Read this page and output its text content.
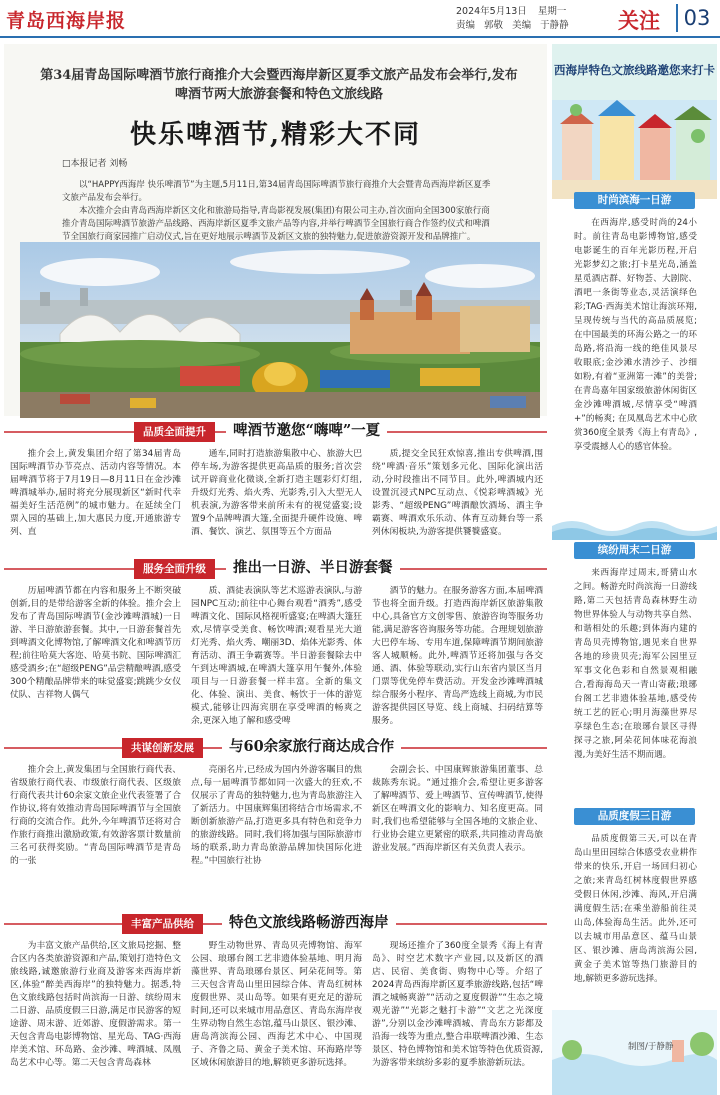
青岛西海岸报	2024年5月13日 星期一
责编 郭敬 美编 于静静 关注	03
第34届青岛国际啤酒节旅行商推介大会暨西海岸新区夏季文旅产品发布会举行,发布啤酒节两大旅游套餐和特色文旅线路
快乐啤酒节,精彩大不同
□本报记者 刘畅

以“HAPPY西海岸 快乐啤酒节”为主题,5月11日,第34届青岛国际啤酒节旅行商推介大会暨青岛西海岸新区夏季文旅产品发布会举行。

本次推介会由青岛西海岸新区文化和旅游局指导,青岛影视发展(集团)有限公司主办,首次面向全国300家旅行商推介青岛国际啤酒节旅游产品线路、西海岸新区夏季文旅产品等内容,并举行啤酒节全国旅行商合作签约仪式和啤酒节全国旅行商家园推广启动仪式,旨在更好地展示啤酒节及新区文旅的独特魅力,促进旅游资源开发和品牌推广。

品质全面提升	啤酒节邀您“嗨啤”一夏

推介会上,黄发集团介绍了第34届青岛国际啤酒节办节亮点、活动内容等情况。本届啤酒节将于7月19日—8月11日在金沙滩啤酒城举办,届时将充分展现新区“新时代幸福美好生活范例”的城市魅力。在延续全门票入园的基础上,加大惠民力度,开通旅游专列、直

通车,同时打造旅游集散中心、旅游大巴停车场,为游客提供更高品质的服务;首次尝试开辟商业化微谈,全新打造主题彩灯灯组,升级灯光秀、焰火秀、光影秀,引入大型无人机表演,为游客带来前所未有的视觉盛宴;设置9个品牌啤酒大篷,全面提升硬件设施、啤酒、餐饮、演艺、氛围等五个方面品

质,提交全民狂欢惊喜,推出专供啤酒,围绕“啤酒·音乐”策划多元化、国际化演出活动,分时段推出不同节目。此外,啤酒城内还设置沉浸式NPC互动点、《悦彩啤酒城》光影秀、“超级PENG”啤酒酿饮酒场、酒主争霸赛、啤酒欢乐乐动、体育互动舞台等一系列休闲板块,为游客提供饕餮盛宴。

服务全面升级	推出一日游、半日游套餐

历届啤酒节都在内容和服务上不断突破创新,目的是带给游客全新的体验。推介会上发布了青岛国际啤酒节(金沙滩啤酒城)一日游、半日游旅游套餐。其中,一日游套餐首先到啤酒文化博物馆,了解啤酒文化和啤酒节历程;前往哈莫大客迩、哈莫书院、国际啤酒汇感受酒乡;在“超级PENG”品尝精酿啤酒,感受300个精酿品牌带来的味觉盛宴;跳跳少女仪仗队、吉祥物人偶气

质、酒徒表演队等艺术巡游表演队,与游园NPC互动;前往中心舞台观看“酒秀”,感受啤酒文化、国际风格视听盛宴;在啤酒大篷狂欢,尽情享受美食、畅饮啤酒;观看星光大道灯光秀、焰火秀、嘲丽3D、焰体光影秀、体育活动、酒王争霸赛等。半日游套餐除去中午到达啤酒城,在啤酒大篷享用午餐外,体验项目与一日游套餐一样丰富。全新的集文化、体验、演出、美食、畅饮于一体的游览模式,能够让四海宾朋在享受啤酒的畅爽之余,更深入地了解和感受啤

酒节的魅力。在服务游客方面,本届啤酒节也将全面升级。打造西海岸新区旅游集散中心,具备官方文创零售、旅游咨询等服务功能,满足游客咨询服务等功能。合理规划旅游大巴停车场、专用车道,保障啤酒节期间旅游客人城顺畅。此外,啤酒节还将加强与各交通、酒、体验等联动,实行山东省内景区当月门票等优免停车费活动。开发金沙滩啤酒城综合服务小程序、青岛严选线上商城,为市民游客提供园区导览、线上商城、扫码结算等服务。

共谋创新发展	与60余家旅行商达成合作

推介会上,黄发集团与全国旅行商代表、省级旅行商代表、市级旅行商代表、区级旅行商代表共计60余家文旅企业代表签署了合作协议,将有效推动青岛国际啤酒节与全国旅行商的交流合作。此外,今年啤酒节还将对合作旅行商推出激励政策,有效游客票计数量前三名可获得奖励。“青岛国际啤酒节是青岛的一张

亮丽名片,已经成为国内外游客瞩目的焦点,每一届啤酒节都如同一次盛大的狂欢,不仅展示了青岛的独特魅力,也为青岛旅游注入了新活力。中国康辉集团将结合市场需求,不断创新旅游产品,打造更多具有特色和竞争力的旅游线路。同时,我们将加强与国际旅游市场的联系,助力青岛旅游品牌加快国际化进程。”中国旅行社协

会副会长、中国康辉旅游集团董事、总裁陈秀东说。“通过推介会,希望让更多游客了解啤酒节、爱上啤酒节、宣传啤酒节,使得新区在啤酒文化的影响力、知名度更高。同时,我们也希望能够与全国各地的文旅企业、行业协会建立更紧密的联系,共同推动青岛旅游业发展。”西海岸新区有关负责人表示。

丰富产品供给	特色文旅线路畅游西海岸

为丰富文旅产品供给,区文旅局挖掘、整合区内各类旅游资源和产品,策划打造特色文旅线路,诚邀旅游行业商及游客来西海岸新区,体验“醉美西海岸”的独特魅力。据悉,特色文旅线路包括时尚滨海一日游、缤纷周末二日游、品质度假三日游,满足市民游客的短途游、周末游、近郊游、度假游需求。第一天包含青岛电影博物馆、星光岛、TAG·西海岸美术馆、环岛路、金沙滩、啤酒城、凤凰岛艺术中心等。第二天包含青岛森林

野生动物世界、青岛贝壳博物馆、海军公园、琅琊台阁工艺非遗体验基地、明月海藻世界、青岛琅琊台景区、阿朵花间等。第三天包含青岛山里田园综合体、青岛红树林度假世界、灵山岛等。如果有更充足的游玩时间,还可以来城市用品意区、青岛东海岸夜生界动物自然生态馆,蕴马山景区、银沙滩、唐岛湾滨海公园、西海艺术中心、中国现子、齐鲁之局、黄金子美术馆、环海路岸等区域休闲旅游目的地,解锁更多游玩选择。

现场还推介了360度全景秀《海上有青岛》、时空艺术数字产业园,以及新区的酒店、民宿、美食街、购物中心等。介绍了2024青岛西海岸新区夏季旅游线路,包括“啤酒之城畅爽游”“活动之夏度假游”“生态之境观光游”“光影之魅打卡游”“文艺之光深度游”,分别以金沙滩啤酒城、青岛东方影都及沿海一线等为重点,整合串联啤酒沙滩、生态景区、特色博物馆和美术馆等特色优质资源,为游客带来缤纷多彩的夏季旅游新玩法。

西海岸特色文旅线路邀您来打卡
时尚滨海一日游

在西海岸,感受时尚的24小时。前往青岛电影博物馆,感受电影诞生的百年光影历程,开启光影梦幻之旅;打卡星光岛,涵盖星觅酒店群、好物荟、大剧院、酒吧一条街等业态,灵活演绎色彩;TAG·西海美术馆让海滨环翔,呈现传统与当代的高品质展览;在中国最美的环海公路之一的环岛路,将沿海一线的绝佳风景尽收眼底;金沙滩水清沙子、沙细如粉,有着“亚洲第一滩”的美誉;在青岛嘉年国家级旅游休闲街区金沙滩啤酒城,尽情享受“啤酒+”的畅爽; 在凤凰岛艺术中心欣赏360度全景秀《海上有青岛》,享受震撼人心的感官体验。

缤纷周末二日游

来西海岸过周末,哥猜山水之间。畅游充时尚滨海一日游线路,第二天包括青岛森林野生动物世界体验人与动物共享自然、和谐相处的乐趣;到体海内建的青岛贝壳博物馆,遇见来自世界各地的珍贵贝壳;海军公园里豆军事文化色彩和自然景观相融合,看海海岛天一青山寄蔽;琅琊台阁工艺非遗体验基地,感受传统工艺的匠心;明月海藻世界尽享绿色生态;在琅琊台景区寻得探寻之旅,阿朵花间体味花海浪漫,为美好生活不期而遇。

品质度假三日游

品质度假第三天,可以在青岛山里田园综合体感受农业耕作带来的快乐,开启一场回归初心之旅;来青岛红树林度假世界感受假日休闲,沙滩、海风,开启满满度假生活;在乘坐游船前往灵山岛,体验海岛生活。此外,还可以去城市用品意区、蕴马山景区、银沙滩、唐岛湾滨海公园,黄金子美术馆等热门旅游目的地,解锁更多游玩选择。

制图/于静静
